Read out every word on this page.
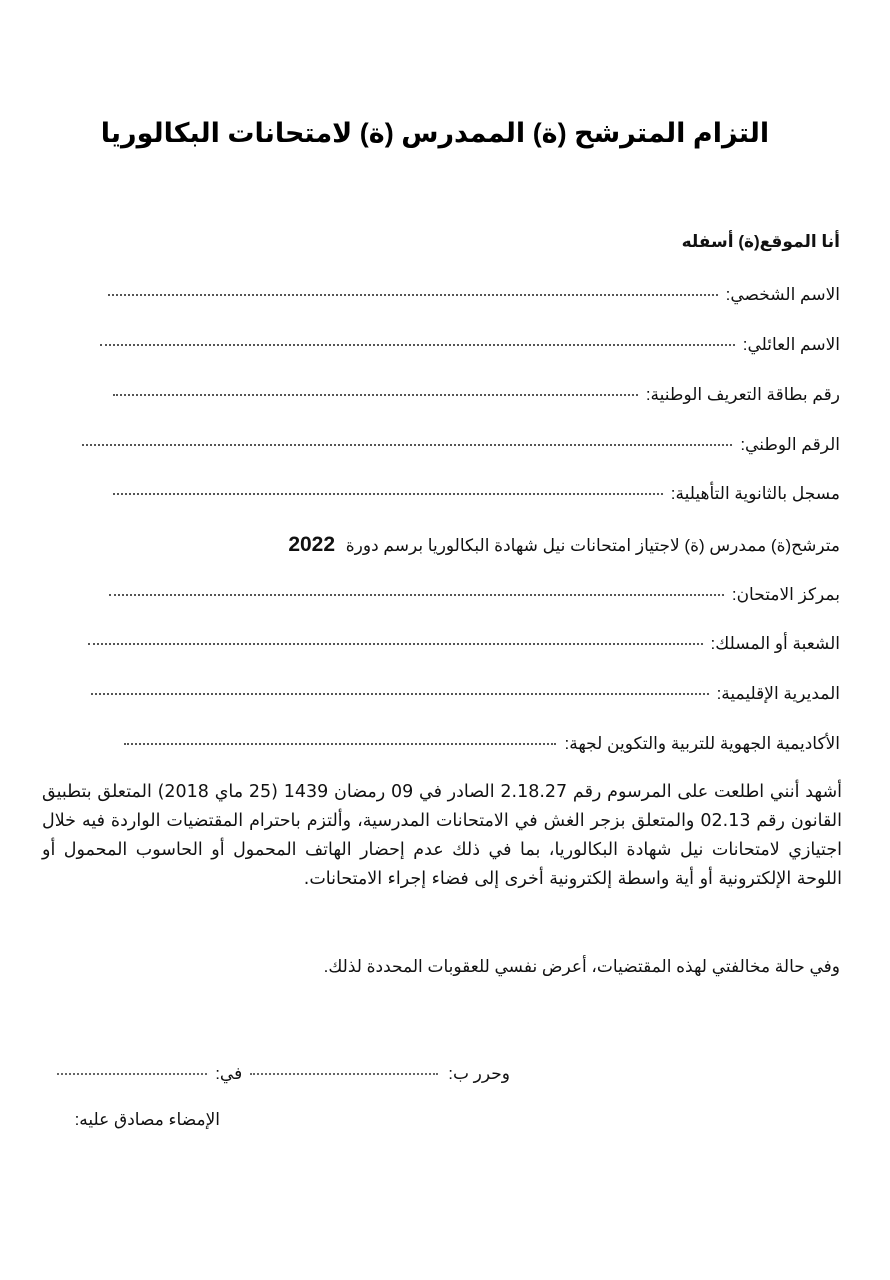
التزام المترشح (ة) الممدرس (ة) لامتحانات البكالوريا
أنا الموقع(ة) أسفله
الاسم الشخصي:
الاسم العائلي:
رقم بطاقة التعريف الوطنية:
الرقم الوطني:
مسجل بالثانوية التأهيلية:
مترشح(ة) ممدرس (ة) لاجتياز امتحانات نيل شهادة البكالوريا برسم دورة 2022
بمركز الامتحان:
الشعبة أو المسلك:
المديرية الإقليمية:
الأكاديمية الجهوية للتربية والتكوين لجهة:
أشهد أنني اطلعت على المرسوم رقم 2.18.27 الصادر في 09 رمضان 1439 (25 ماي 2018) المتعلق بتطبيق القانون رقم 02.13 والمتعلق بزجر الغش في الامتحانات المدرسية، وألتزم باحترام المقتضيات الواردة فيه خلال اجتيازي لامتحانات نيل شهادة البكالوريا، بما في ذلك عدم إحضار الهاتف المحمول أو الحاسوب المحمول أو اللوحة الإلكترونية أو أية واسطة إلكترونية أخرى إلى فضاء إجراء الامتحانات.
وفي حالة مخالفتي لهذه المقتضيات، أعرض نفسي للعقوبات المحددة لذلك.
وحرر ب:
في:
الإمضاء مصادق عليه:
